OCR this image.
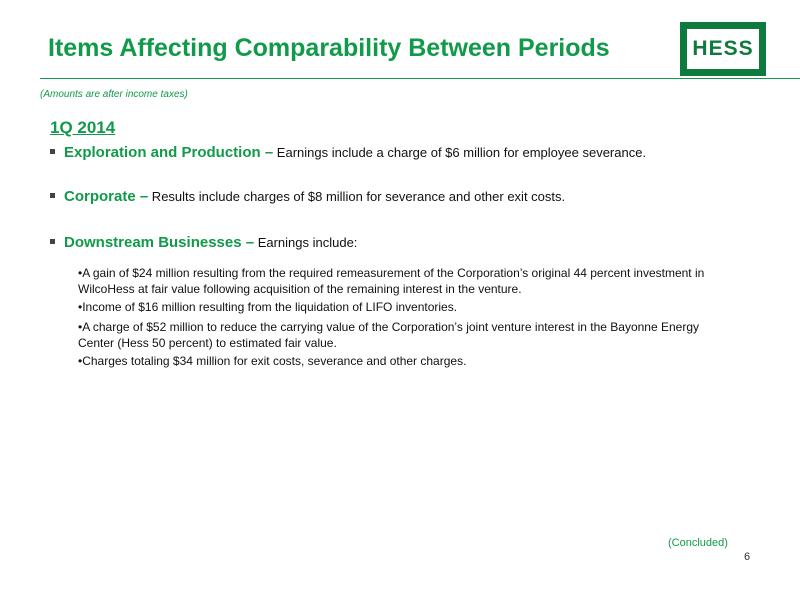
Items Affecting Comparability Between Periods	HESS
(Amounts are after income taxes)
1Q 2014
Exploration and Production – Earnings include a charge of $6 million for employee severance.
Corporate – Results include charges of $8 million for severance and other exit costs.
Downstream Businesses – Earnings include:
•A gain of $24 million resulting from the required remeasurement of the Corporation’s original 44 percent investment in WilcoHess at fair value following acquisition of the remaining interest in the venture.
•Income of $16 million resulting from the liquidation of LIFO inventories.
•A charge of $52 million to reduce the carrying value of the Corporation’s joint venture interest in the Bayonne Energy Center (Hess 50 percent) to estimated fair value.
•Charges totaling $34 million for exit costs, severance and other charges.
(Concluded)
6
